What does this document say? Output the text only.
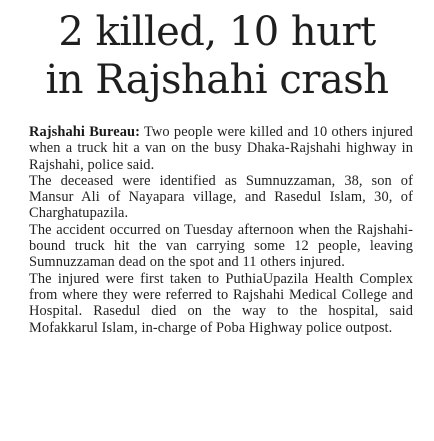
2 killed, 10 hurt
in Rajshahi crash

Rajshahi Bureau: Two people were killed and 10 others injured when a truck hit a van on the busy Dhaka-Rajshahi highway in Rajshahi, police said.

The deceased were identified as Sumnuzzaman, 38, son of Mansur Ali of Nayapara village, and Rasedul Islam, 30, of Charghatupazila.

The accident occurred on Tuesday afternoon when the Rajshahi-bound truck hit the van carrying some 12 people, leaving Sumnuzzaman dead on the spot and 11 others injured.

The injured were first taken to PuthiaUpazila Health Complex from where they were referred to Rajshahi Medical College and Hospital. Rasedul died on the way to the hospital, said Mofakkarul Islam, in-charge of Poba Highway police outpost.
